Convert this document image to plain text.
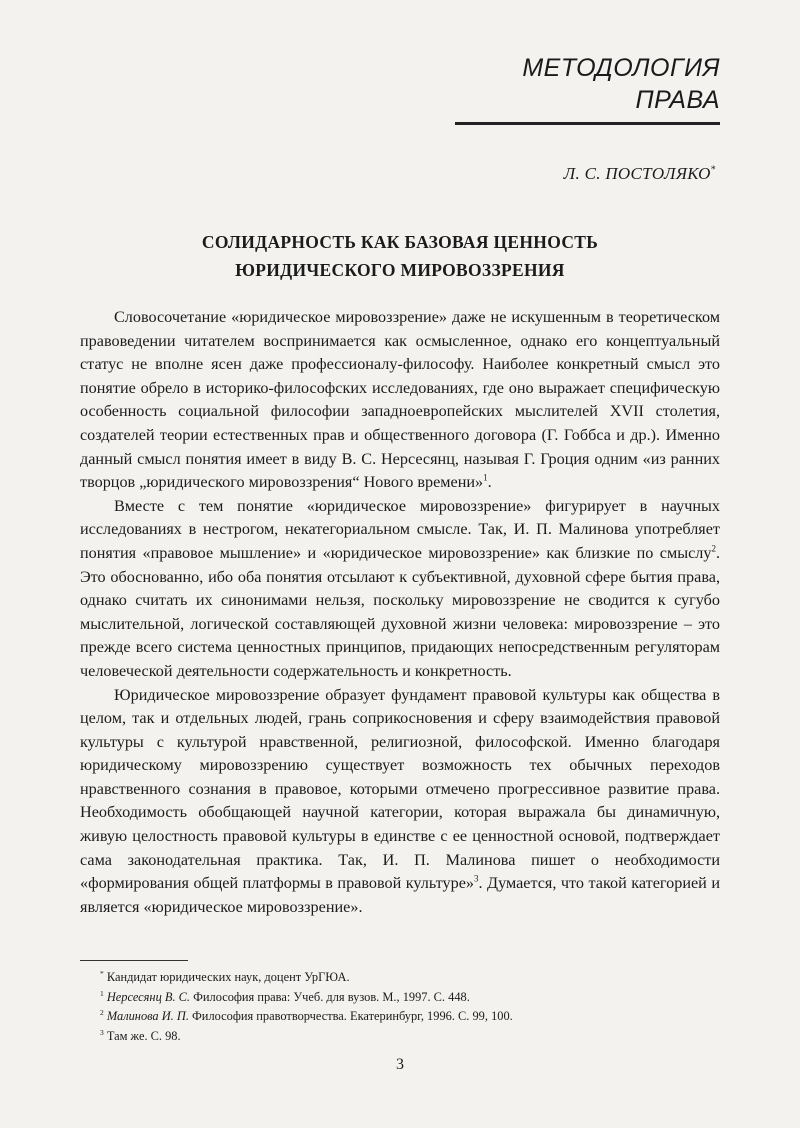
МЕТОДОЛОГИЯ ПРАВА
Л. С. ПОСТОЛЯКО*
СОЛИДАРНОСТЬ КАК БАЗОВАЯ ЦЕННОСТЬ
ЮРИДИЧЕСКОГО МИРОВОЗЗРЕНИЯ

Словосочетание «юридическое мировоззрение» даже не искушенным в теоретическом правоведении читателем воспринимается как осмысленное, однако его концептуальный статус не вполне ясен даже профессионалу-философу. Наиболее конкретный смысл это понятие обрело в историко-философских исследованиях, где оно выражает специфическую особенность социальной философии западноевропейских мыслителей XVII столетия, создателей теории естественных прав и общественного договора (Г. Гоббса и др.). Именно данный смысл понятия имеет в виду В. С. Нерсесянц, называя Г. Гроция одним «из ранних творцов „юридического мировоззрения“ Нового времени»$^1$.

Вместе с тем понятие «юридическое мировоззрение» фигурирует в научных исследованиях в нестрогом, некатегориальном смысле. Так, И. П. Малинова употребляет понятия «правовое мышление» и «юридическое мировоззрение» как близкие по смыслу$^2$. Это обоснованно, ибо оба понятия отсылают к субъективной, духовной сфере бытия права, однако считать их синонимами нельзя, поскольку мировоззрение не сводится к сугубо мыслительной, логической составляющей духовной жизни человека: мировоззрение – это прежде всего система ценностных принципов, придающих непосредственным регуляторам человеческой деятельности содержательность и конкретность.

Юридическое мировоззрение образует фундамент правовой культуры как общества в целом, так и отдельных людей, грань соприкосновения и сферу взаимодействия правовой культуры с культурой нравственной, религиозной, философской. Именно благодаря юридическому мировоззрению существует возможность тех обычных переходов нравственного сознания в правовое, которыми отмечено прогрессивное развитие права. Необходимость обобщающей научной категории, которая выражала бы динамичную, живую целостность правовой культуры в единстве с ее ценностной основой, подтверждает сама законодательная практика. Так, И. П. Малинова пишет о необходимости «формирования общей платформы в правовой культуре»$^3$. Думается, что такой категорией и является «юридическое мировоззрение».

* Кандидат юридических наук, доцент УрГЮА.
$^1$ Нерсесянц В. С. Философия права: Учеб. для вузов. М., 1997. С. 448.
$^2$ Малинова И. П. Философия правотворчества. Екатеринбург, 1996. С. 99, 100.
$^3$ Там же. С. 98.
3
